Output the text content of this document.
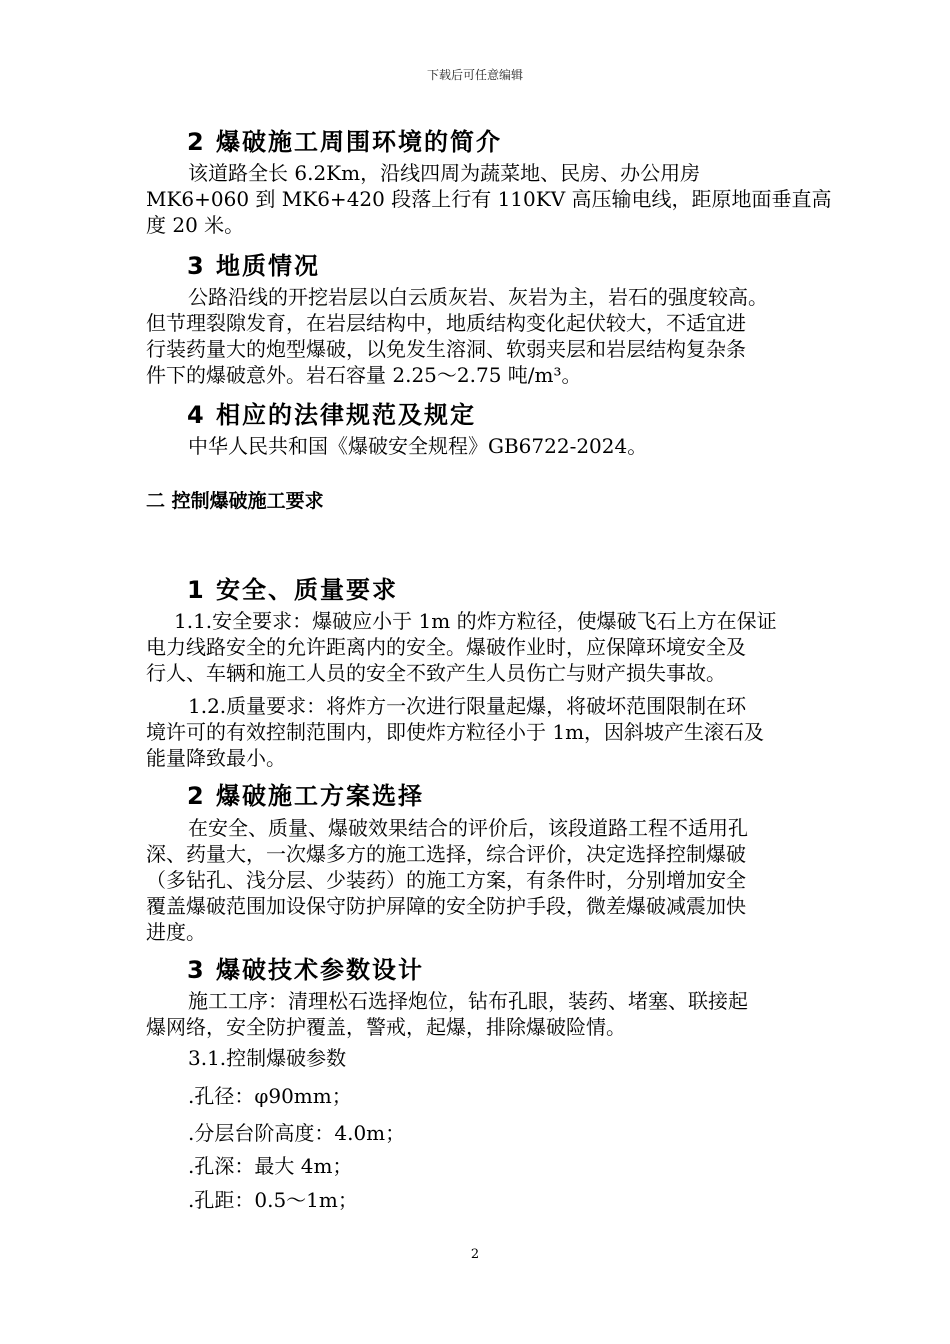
下载后可任意编辑
2 爆破施工周围环境的简介
该道路全长 6.2Km，沿线四周为蔬菜地、民房、办公用房
MK6+060 到 MK6+420 段落上行有 110KV 高压输电线，距原地面垂直高
度 20 米。
3 地质情况
公路沿线的开挖岩层以白云质灰岩、灰岩为主，岩石的强度较高。
但节理裂隙发育，在岩层结构中，地质结构变化起伏较大，不适宜进
行装药量大的炮型爆破，以免发生溶洞、软弱夹层和岩层结构复杂条
件下的爆破意外。岩石容量 2.25～2.75 吨/m³。
4 相应的法律规范及规定
中华人民共和国《爆破安全规程》GB6722-2024。
二 控制爆破施工要求
1 安全、质量要求
1.1.安全要求：爆破应小于 1m 的炸方粒径，使爆破飞石上方在保证
电力线路安全的允许距离内的安全。爆破作业时，应保障环境安全及
行人、车辆和施工人员的安全不致产生人员伤亡与财产损失事故。
1.2.质量要求：将炸方一次进行限量起爆，将破坏范围限制在环
境许可的有效控制范围内，即使炸方粒径小于 1m，因斜坡产生滚石及
能量降致最小。
2 爆破施工方案选择
在安全、质量、爆破效果结合的评价后，该段道路工程不适用孔
深、药量大，一次爆多方的施工选择，综合评价，决定选择控制爆破
（多钻孔、浅分层、少装药）的施工方案，有条件时，分别增加安全
覆盖爆破范围加设保守防护屏障的安全防护手段，微差爆破减震加快
进度。
3 爆破技术参数设计
施工工序：清理松石选择炮位，钻布孔眼，装药、堵塞、联接起
爆网络，安全防护覆盖，警戒，起爆，排除爆破险情。
3.1.控制爆破参数
.孔径：φ90mm；
.分层台阶高度：4.0m；
.孔深：最大 4m；
.孔距：0.5～1m；
2
